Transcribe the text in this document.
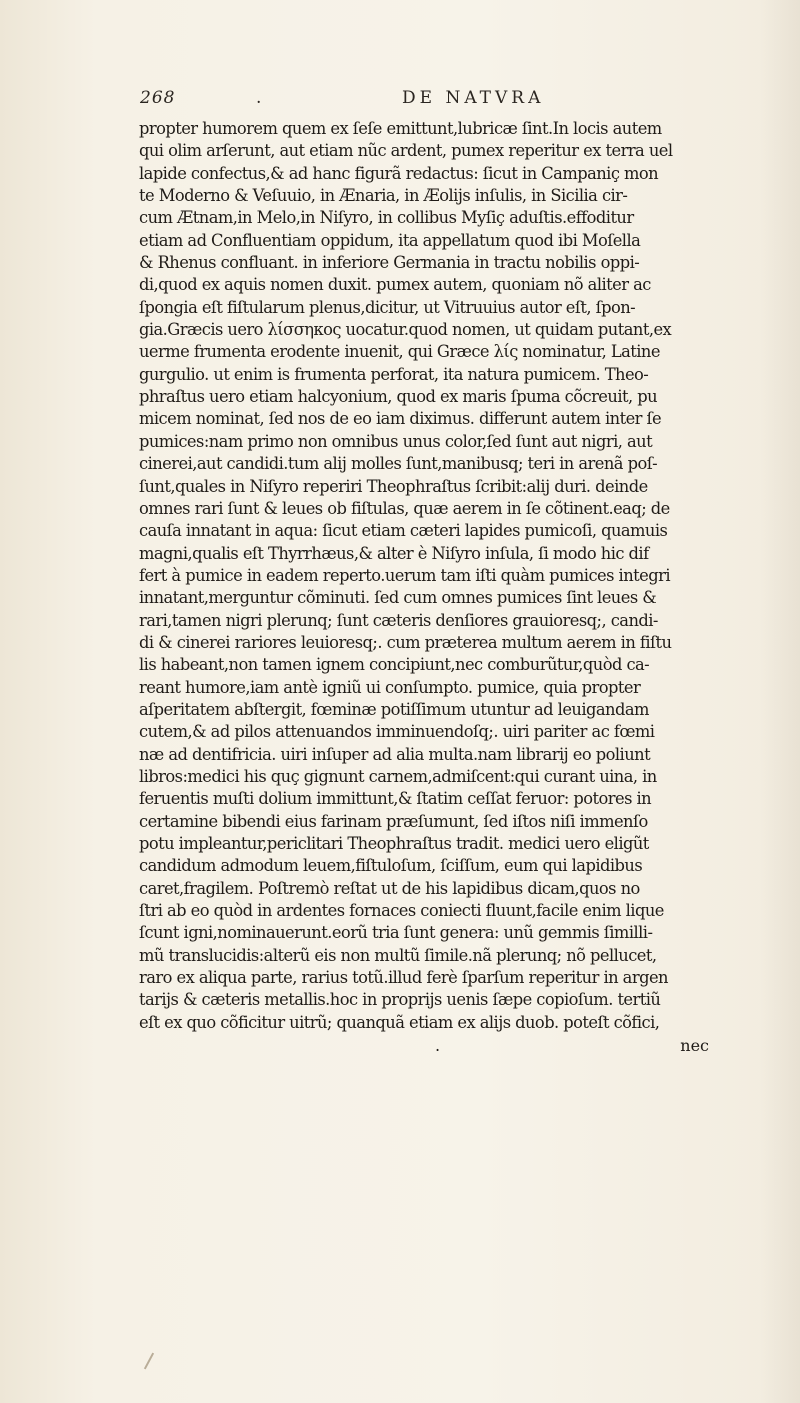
268	.	DE NATVRA
propter humorem quem ex ſeſe emittunt,lubricæ ſint.In locis autem
qui olim arſerunt, aut etiam nũc ardent, pumex reperitur ex terra uel
lapide confectus,& ad hanc figurã redactus: ſicut in Campaniç mon
te Moderno & Veſuuio, in Ænaria, in Æolijs inſulis, in Sicilia cir-
cum Ætnam,in Melo,in Niſyro, in collibus Myſiç aduſtis.effoditur
etiam ad Confluentiam oppidum, ita appellatum quod ibi Moſella
& Rhenus confluant. in inferiore Germania in tractu nobilis oppi-
di,quod ex aquis nomen duxit. pumex autem, quoniam nõ aliter ac
ſpongia eſt fiſtularum plenus,dicitur, ut Vitruuius autor eſt, ſpon-
gia.Græcis uero λίσσηκος uocatur.quod nomen, ut quidam putant,ex
uerme frumenta erodente inuenit, qui Græce λίς nominatur, Latine
gurgulio. ut enim is frumenta perforat, ita natura pumicem. Theo-
phraſtus uero etiam halcyonium, quod ex maris ſpuma cõcreuit, pu
micem nominat, ſed nos de eo iam diximus. differunt autem inter ſe
pumices:nam primo non omnibus unus color,ſed ſunt aut nigri, aut
cinerei,aut candidi.tum alij molles ſunt,manibusq; teri in arenã poſ-
ſunt,quales in Niſyro reperiri Theophraſtus ſcribit:alij duri. deinde
omnes rari ſunt & leues ob fiſtulas, quæ aerem in ſe cõtinent.eaq; de
cauſa innatant in aqua: ſicut etiam cæteri lapides pumicoſi, quamuis
magni,qualis eſt Thyrrhæus,& alter è Niſyro inſula, ſi modo hic dif
fert à pumice in eadem reperto.uerum tam iſti quàm pumices integri
innatant,merguntur cõminuti. ſed cum omnes pumices ſint leues &
rari,tamen nigri plerunq; ſunt cæteris denſiores grauioresq;, candi-
di & cinerei rariores leuioresq;. cum præterea multum aerem in fiſtu
lis habeant,non tamen ignem concipiunt,nec comburũtur,quòd ca-
reant humore,iam antè igniũ ui conſumpto. pumice, quia propter
aſperitatem abſtergit, fœminæ potiſſimum utuntur ad leuigandam
cutem,& ad pilos attenuandos imminuendoſq;. uiri pariter ac fœmi
næ ad dentifricia. uiri inſuper ad alia multa.nam librarij eo poliunt
libros:medici his quç gignunt carnem,admiſcent:qui curant uina, in
feruentis muſti dolium immittunt,& ſtatim ceſſat feruor: potores in
certamine bibendi eius farinam præſumunt, ſed iſtos niſi immenſo
potu impleantur,periclitari Theophraſtus tradit. medici uero eligũt
candidum admodum leuem,fiſtuloſum, ſciſſum, eum qui lapidibus
caret,fragilem. Poſtremò reſtat ut de his lapidibus dicam,quos no
ſtri ab eo quòd in ardentes fornaces coniecti fluunt,facile enim lique
ſcunt igni,nominauerunt.eorũ tria ſunt genera: unũ gemmis ſimilli-
mũ translucidis:alterũ eis non multũ ſimile.nã plerunq; nõ pellucet,
raro ex aliqua parte, rarius totũ.illud ferè ſparſum reperitur in argen
tarijs & cæteris metallis.hoc in proprijs uenis ſæpe copioſum. tertiũ
eſt ex quo cõficitur uitrũ; quanquã etiam ex alijs duob. poteſt cõfici,
.	nec
